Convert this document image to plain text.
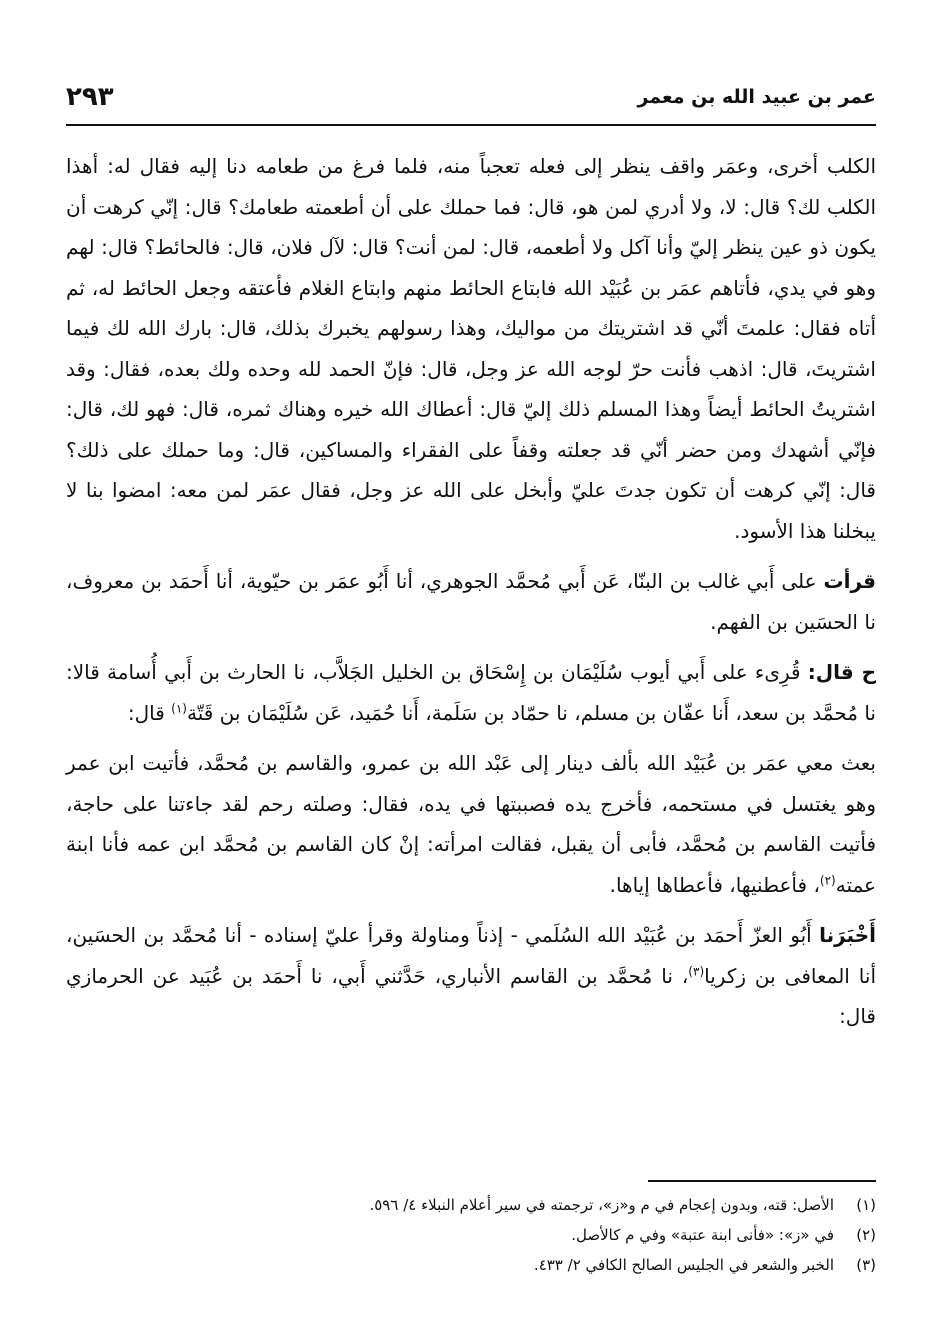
٢٩٣	عمر بن عبيد الله بن معمر

الكلب أخرى، وعمَر واقف ينظر إلى فعله تعجباً منه، فلما فرغ من طعامه دنا إليه فقال له: أهذا الكلب لك؟ قال: لا، ولا أدري لمن هو، قال: فما حملك على أن أطعمته طعامك؟ قال: إنّي كرهت أن يكون ذو عين ينظر إليّ وأنا آكل ولا أطعمه، قال: لمن أنت؟ قال: لآل فلان، قال: فالحائط؟ قال: لهم وهو في يدي، فأتاهم عمَر بن عُبَيْد الله فابتاع الحائط منهم وابتاع الغلام فأعتقه وجعل الحائط له، ثم أتاه فقال: علمتَ أنّي قد اشتريتك من مواليك، وهذا رسولهم يخبرك بذلك، قال: بارك الله لك فيما اشتريتَ، قال: اذهب فأنت حرّ لوجه الله عز وجل، قال: فإنّ الحمد لله وحده ولك بعده، فقال: وقد اشتريتُ الحائط أيضاً وهذا المسلم ذلك إليّ قال: أعطاك الله خيره وهناك ثمره، قال: فهو لك، قال: فإنّي أشهدك ومن حضر أنّي قد جعلته وقفاً على الفقراء والمساكين، قال: وما حملك على ذلك؟ قال: إنّي كرهت أن تكون جدتَ عليّ وأبخل على الله عز وجل، فقال عمَر لمن معه: امضوا بنا لا يبخلنا هذا الأسود.

قرأت على أَبي غالب بن البنّا، عَن أَبي مُحمَّد الجوهري، أنا أَبُو عمَر بن حيّوية، أنا أَحمَد بن معروف، نا الحسَين بن الفهم.

ح قال: قُرِىء على أَبي أيوب سُلَيْمَان بن إِسْحَاق بن الخليل الجَلاَّب، نا الحارث بن أَبي أُسامة قالا: نا مُحمَّد بن سعد، أَنا عفّان بن مسلم، نا حمّاد بن سَلَمة، أَنا حُمَيد، عَن سُلَيْمَان بن قَتّة$^{(١)}$ قال:

بعث معي عمَر بن عُبَيْد الله بألف دينار إلى عَبْد الله بن عمرو، والقاسم بن مُحمَّد، فأتيت ابن عمر وهو يغتسل في مستحمه، فأخرج يده فصببتها في يده، فقال: وصلته رحم لقد جاءتنا على حاجة، فأتيت القاسم بن مُحمَّد، فأبى أن يقبل، فقالت امرأته: إنْ كان القاسم بن مُحمَّد ابن عمه فأنا ابنة عمته$^{(٢)}$، فأعطنيها، فأعطاها إياها.

أَخْبَرَنا أَبُو العزّ أَحمَد بن عُبَيْد الله السُلَمي - إذناً ومناولة وقرأ عليّ إسناده - أنا مُحمَّد بن الحسَين، أنا المعافى بن زكريا$^{(٣)}$، نا مُحمَّد بن القاسم الأنباري، حَدَّثني أَبي، نا أَحمَد بن عُبَيد عن الحرمازي قال:

(١)
الأصل: قته، وبدون إعجام في م و«ز»، ترجمته في سير أعلام النبلاء ٤/ ٥٩٦.
(٢)
في «ز»: «فأنى ابنة عتبة» وفي م كالأصل.
(٣)
الخبر والشعر في الجليس الصالح الكافي ٢/ ٤٣٣.
